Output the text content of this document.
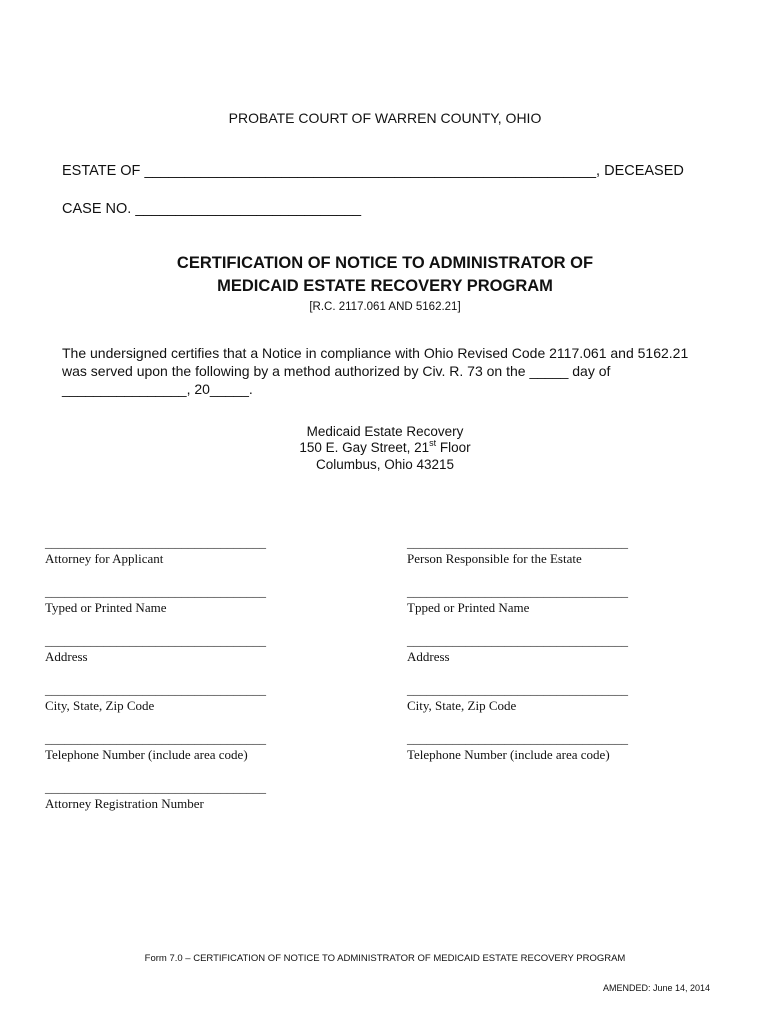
PROBATE COURT OF WARREN COUNTY, OHIO
ESTATE OF ________________________________________________________, DECEASED
CASE NO. ____________________________
CERTIFICATION OF NOTICE TO ADMINISTRATOR OF
MEDICAID ESTATE RECOVERY PROGRAM
[R.C. 2117.061 AND 5162.21]
The undersigned certifies that a Notice in compliance with Ohio Revised Code 2117.061 and 5162.21 was served upon the following by a method authorized by Civ. R. 73 on the _____ day of ________________, 20_____.
Medicaid Estate Recovery
150 E. Gay Street, 21st Floor
Columbus, Ohio 43215
__________________________________
Attorney for Applicant
__________________________________
Typed or Printed Name
__________________________________
Address
__________________________________
City, State, Zip Code
__________________________________
Telephone Number (include area code)
__________________________________
Attorney Registration Number
__________________________________
Person Responsible for the Estate
__________________________________
Tpped or Printed Name
__________________________________
Address
__________________________________
City, State, Zip Code
__________________________________
Telephone Number (include area code)
Form 7.0 – CERTIFICATION OF NOTICE TO ADMINISTRATOR OF MEDICAID ESTATE RECOVERY PROGRAM
AMENDED: June 14, 2014
